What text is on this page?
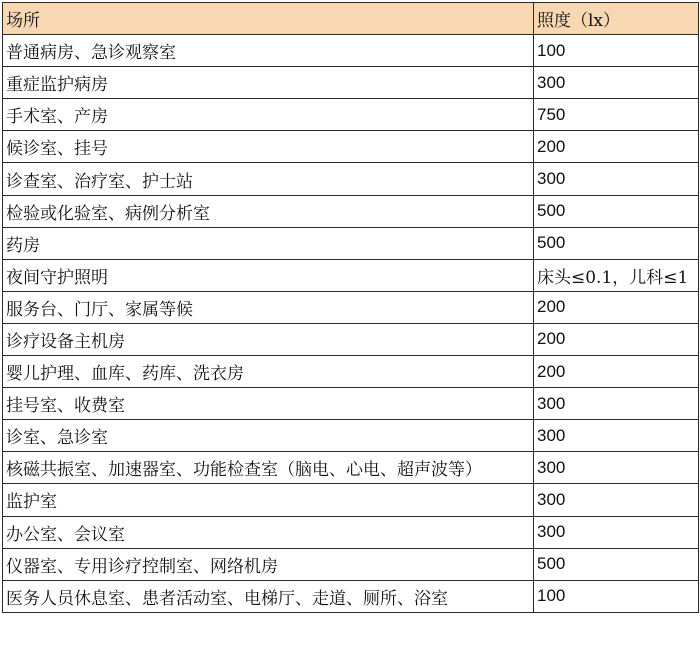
场所	照度（lx）
普通病房、急诊观察室	100
重症监护病房	300
手术室、产房	750
候诊室、挂号	200
诊查室、治疗室、护士站	300
检验或化验室、病例分析室	500
药房	500
夜间守护照明	床头≤0.1，儿科≤1
服务台、门厅、家属等候	200
诊疗设备主机房	200
婴儿护理、血库、药库、洗衣房	200
挂号室、收费室	300
诊室、急诊室	300
核磁共振室、加速器室、功能检查室（脑电、心电、超声波等）	300
监护室	300
办公室、会议室	300
仪器室、专用诊疗控制室、网络机房	500
医务人员休息室、患者活动室、电梯厅、走道、厕所、浴室	100
